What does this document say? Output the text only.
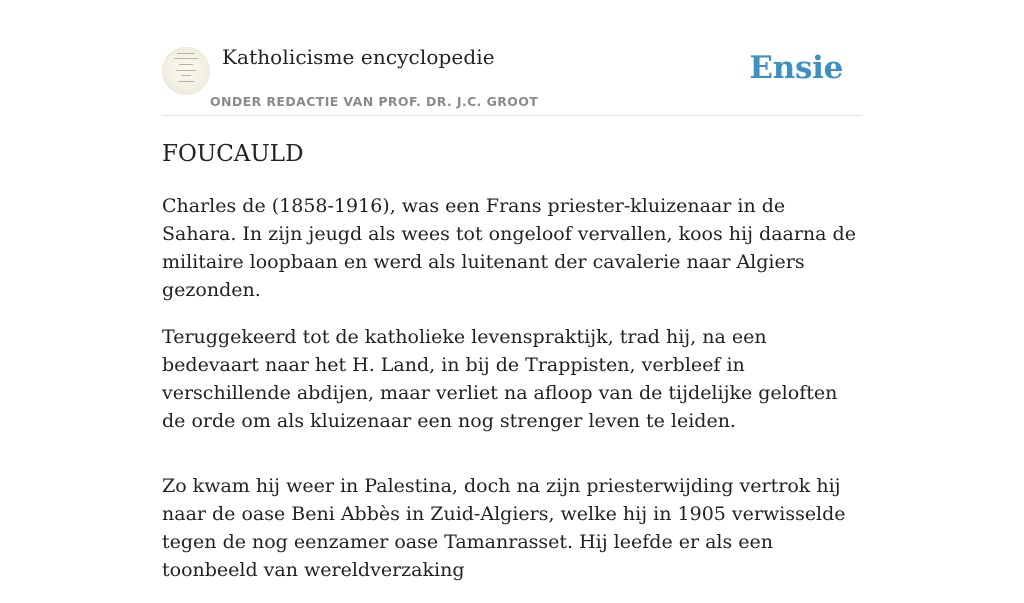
Katholicisme encyclopedie
ONDER REDACTIE VAN PROF. DR. J.C. GROOT
Ensie
FOUCAULD

Charles de (1858-1916), was een Frans priester-kluizenaar in de Sahara. In zijn jeugd als wees tot ongeloof vervallen, koos hij daarna de militaire loopbaan en werd als luitenant der cavalerie naar Algiers gezonden.

Teruggekeerd tot de katholieke levenspraktijk, trad hij, na een bedevaart naar het H. Land, in bij de Trappisten, verbleef in verschillende abdijen, maar verliet na afloop van de tijdelijke geloften de orde om als kluizenaar een nog strenger leven te leiden.

Zo kwam hij weer in Palestina, doch na zijn priesterwijding vertrok hij naar de oase Beni Abbès in Zuid-Algiers, welke hij in 1905 verwisselde tegen de nog eenzamer oase Tamanrasset. Hij leefde er als een toonbeeld van wereldverzaking
